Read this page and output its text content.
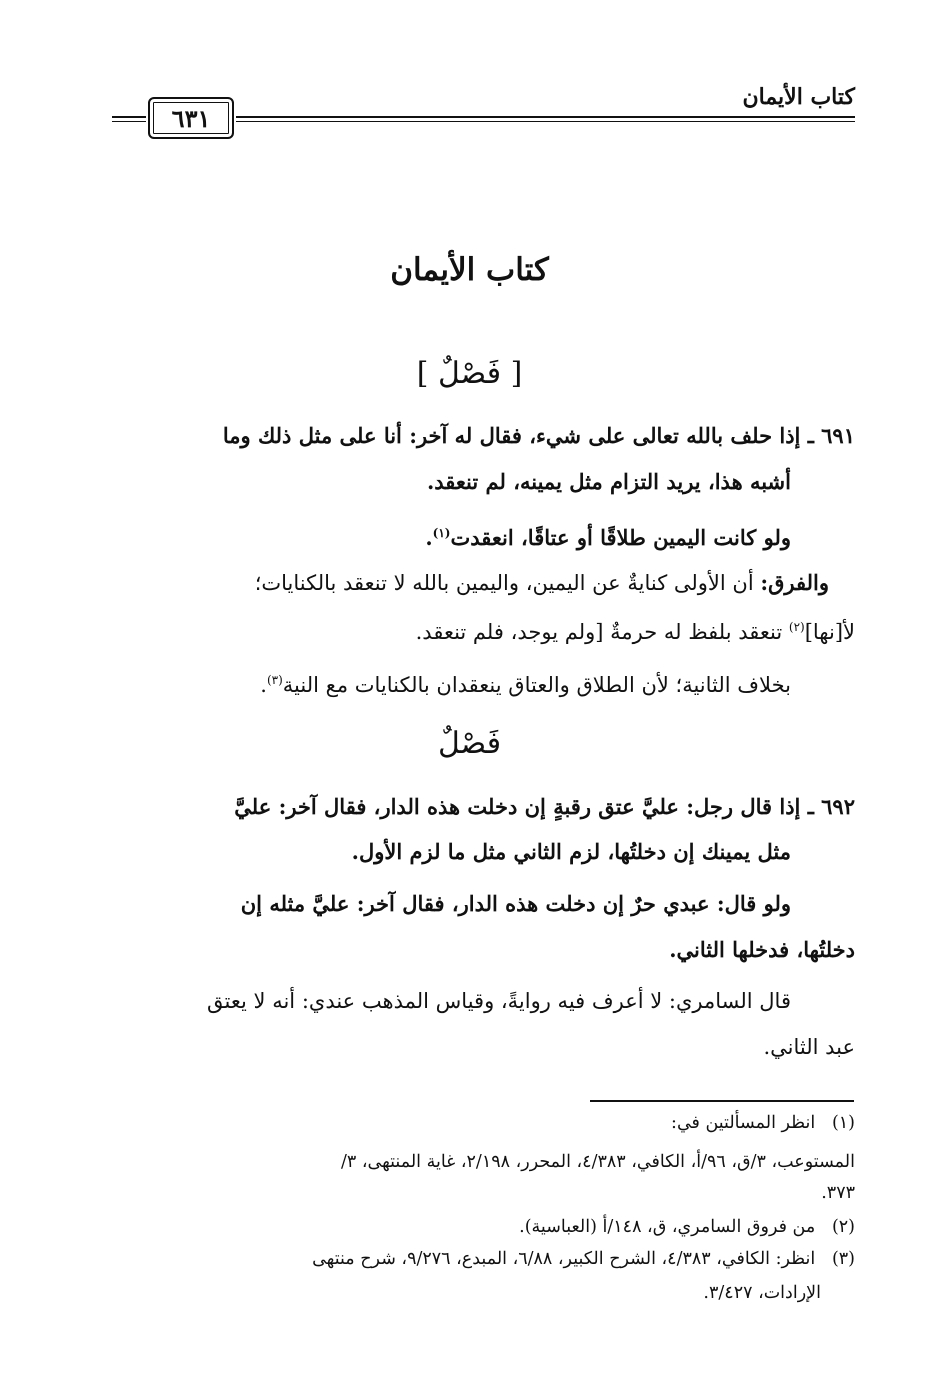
كتاب الأيمان
٦٣١
كتاب الأيمان
[ فَصْلٌ ]
٦٩١ ـ إذا حلف بالله تعالى على شيء، فقال له آخر: أنا على مثل ذلك وما
أشبه هذا، يريد التزام مثل يمينه، لم تنعقد.
ولو كانت اليمين طلاقًا أو عتاقًا، انعقدت$^{(١)}$.
والفرق: أن الأولى كنايةٌ عن اليمين، واليمين بالله لا تنعقد بالكنايات؛
لأ[نها]$^{(٢)}$ تنعقد بلفظ له حرمةٌ [ولم يوجد، فلم تنعقد.
بخلاف الثانية؛ لأن الطلاق والعتاق ينعقدان بالكنايات مع النية$^{(٣)}$.
فَصْلٌ
٦٩٢ ـ إذا قال رجل: عليَّ عتق رقبةٍ إن دخلت هذه الدار، فقال آخر: عليَّ
مثل يمينك إن دخلتُها، لزم الثاني مثل ما لزم الأول.
ولو قال: عبدي حرٌ إن دخلت هذه الدار، فقال آخر: عليَّ مثله إن
دخلتُها، فدخلها الثاني.
قال السامري: لا أعرف فيه روايةً، وقياس المذهب عندي: أنه لا يعتق
عبد الثاني.
(١)   انظر المسألتين في:
المستوعب، ٣/ق، ٩٦/أ، الكافي، ٤/٣٨٣، المحرر، ٢/١٩٨، غاية المنتهى، ٣/
٣٧٣.
(٢)   من فروق السامري، ق، ١٤٨/أ (العباسية).
(٣)   انظر: الكافي، ٤/٣٨٣، الشرح الكبير، ٦/٨٨، المبدع، ٩/٢٧٦، شرح منتهى
الإرادات، ٣/٤٢٧.
